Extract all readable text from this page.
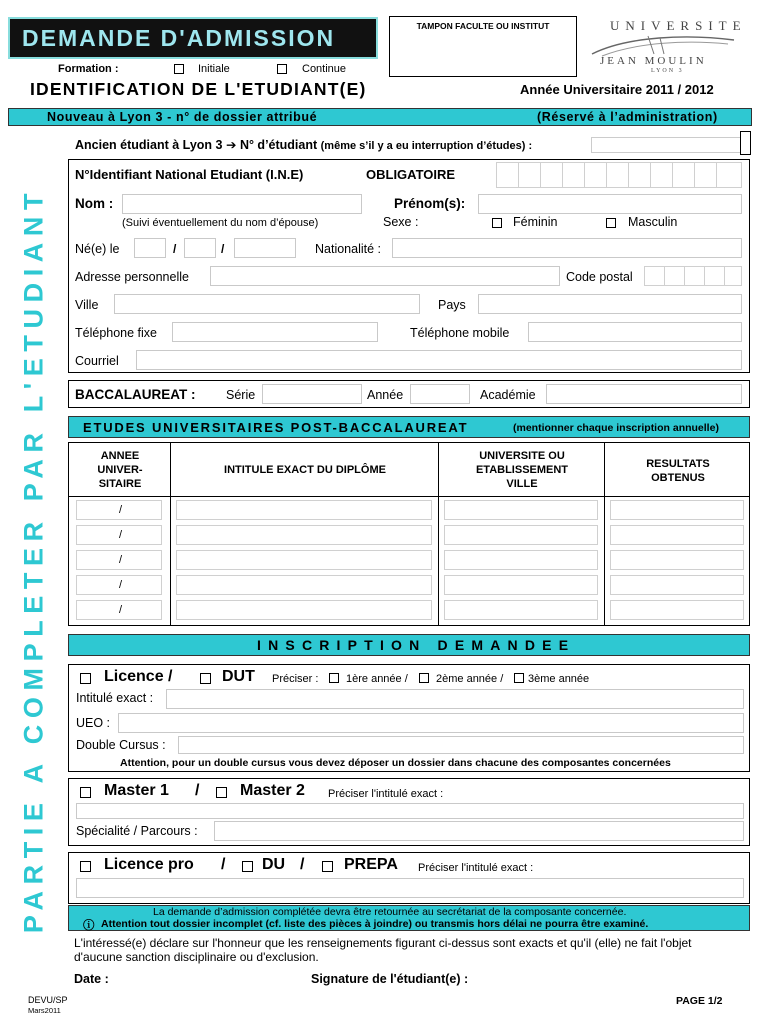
DEMANDE D'ADMISSION	TAMPON FACULTE OU INSTITUT	UNIVERSITE
JEAN MOULIN
LYON 3
Formation :	Initiale	Continue
IDENTIFICATION DE L'ETUDIANT(E)	Année Universitaire 2011 / 2012
Nouveau à Lyon 3 - n° de dossier attribué	(Réservé à l’administration)
PARTIE A COMPLETER PAR L'ETUDIANT
Ancien étudiant à Lyon 3 ➔ N° d’étudiant (même s’il y a eu interruption d’études) :
N°Identifiant National Etudiant (I.N.E)	OBLIGATOIRE
Nom :	Prénom(s):
(Suivi éventuellement du nom d’épouse)	Sexe :	Féminin	Masculin
Né(e) le	/	/	Nationalité :
Adresse personnelle	Code postal
Ville	Pays
Téléphone fixe	Téléphone mobile
Courriel
BACCALAUREAT : Série	Année	Académie
ETUDES UNIVERSITAIRES POST-BACCALAUREAT	(mentionner chaque inscription annuelle)
ANNEE
UNIVER-
SITAIRE
INTITULE EXACT DU DIPLÔME
UNIVERSITE OU
ETABLISSEMENT
VILLE
RESULTATS
OBTENUS
/
/
/
/
/
INSCRIPTION DEMANDEE
Licence /	DUT Préciser :	1ère année /	2ème année / 3ème année
Intitulé exact :
UEO :
Double Cursus :
Attention, pour un double cursus vous devez déposer un dossier dans chacune des composantes concernées
Master 1 /	Master 2 Préciser l'intitulé exact :
Spécialité / Parcours :
Licence pro / DU / PREPA Préciser l'intitulé exact :
La demande d’admission complétée devra être retournée au secrétariat de la composante concernée.
ⓘ Attention tout dossier incomplet (cf. liste des pièces à joindre) ou transmis hors délai ne pourra être examiné.
L'intéressé(e) déclare sur l'honneur que les renseignements figurant ci-dessus sont exacts et qu'il (elle) ne fait l'objet
d'aucune sanction disciplinaire ou d'exclusion.
Date :	Signature de l'étudiant(e) :
DEVU/SP
Mars2011
PAGE 1/2
